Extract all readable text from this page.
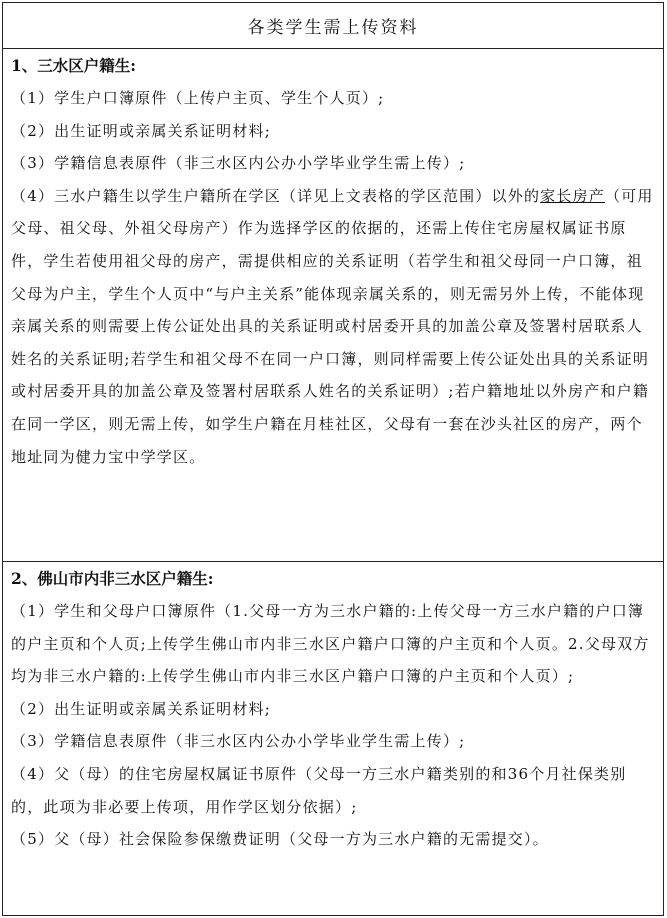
各类学生需上传资料
1、三水区户籍生:
（1）学生户口簿原件（上传户主页、学生个人页）;
（2）出生证明或亲属关系证明材料;
（3）学籍信息表原件（非三水区内公办小学毕业学生需上传）;
（4）三水户籍生以学生户籍所在学区（详见上文表格的学区范围）以外的家长房产（可用父母、祖父母、外祖父母房产）作为选择学区的依据的，还需上传住宅房屋权属证书原件，学生若使用祖父母的房产，需提供相应的关系证明（若学生和祖父母同一户口簿，祖父母为户主，学生个人页中“与户主关系”能体现亲属关系的，则无需另外上传，不能体现亲属关系的则需要上传公证处出具的关系证明或村居委开具的加盖公章及签署村居联系人姓名的关系证明;若学生和祖父母不在同一户口簿，则同样需要上传公证处出具的关系证明或村居委开具的加盖公章及签署村居联系人姓名的关系证明）;若户籍地址以外房产和户籍在同一学区，则无需上传，如学生户籍在月桂社区，父母有一套在沙头社区的房产，两个地址同为健力宝中学学区。
2、佛山市内非三水区户籍生:
（1）学生和父母户口簿原件（1.父母一方为三水户籍的:上传父母一方三水户籍的户口簿的户主页和个人页;上传学生佛山市内非三水区户籍户口簿的户主页和个人页。2.父母双方均为非三水户籍的:上传学生佛山市内非三水区户籍户口簿的户主页和个人页）;
（2）出生证明或亲属关系证明材料;
（3）学籍信息表原件（非三水区内公办小学毕业学生需上传）;
（4）父（母）的住宅房屋权属证书原件（父母一方三水户籍类别的和36个月社保类别的，此项为非必要上传项，用作学区划分依据）;
（5）父（母）社会保险参保缴费证明（父母一方为三水户籍的无需提交）。
